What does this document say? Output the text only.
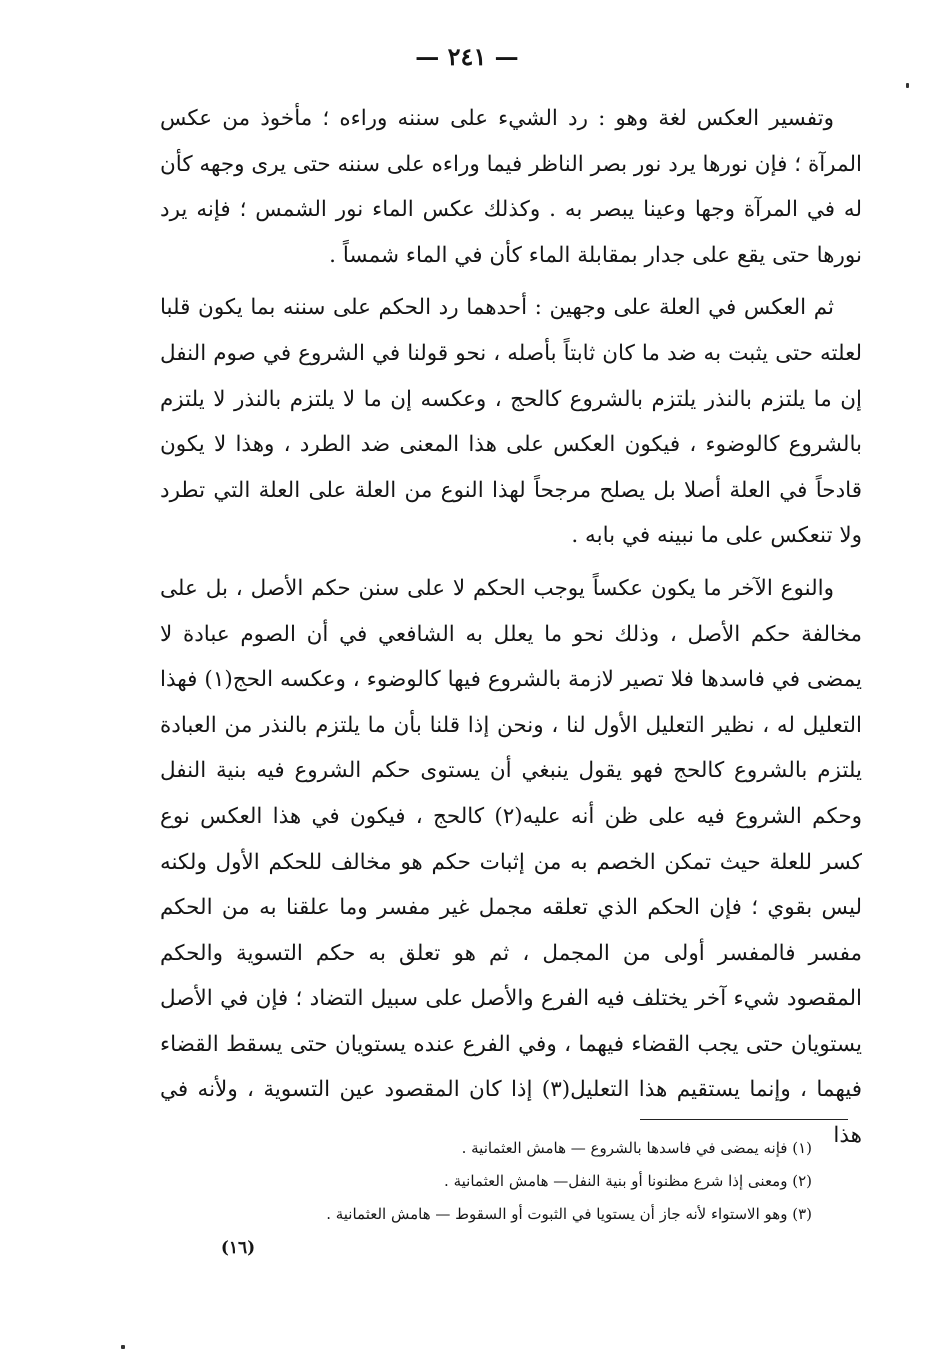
— ٢٤١ —

وتفسير العكس لغة وهو : رد الشيء على سننه وراءه ؛ مأخوذ من عكس المرآة ؛ فإن نورها يرد نور بصر الناظر فيما وراءه على سننه حتى يرى وجهه كأن له في المرآة وجها وعينا يبصر به . وكذلك عكس الماء نور الشمس ؛ فإنه يرد نورها حتى يقع على جدار بمقابلة الماء كأن في الماء شمساً .

ثم العكس في العلة على وجهين : أحدهما رد الحكم على سننه بما يكون قلبا لعلته حتى يثبت به ضد ما كان ثابتاً بأصله ، نحو قولنا في الشروع في صوم النفل إن ما يلتزم بالنذر يلتزم بالشروع كالحج ، وعكسه إن ما لا يلتزم بالنذر لا يلتزم بالشروع كالوضوء ، فيكون العكس على هذا المعنى ضد الطرد ، وهذا لا يكون قادحاً في العلة أصلا بل يصلح مرجحاً لهذا النوع من العلة على العلة التي تطرد ولا تنعكس على ما نبينه في بابه .

والنوع الآخر ما يكون عكساً يوجب الحكم لا على سنن حكم الأصل ، بل على مخالفة حكم الأصل ، وذلك نحو ما يعلل به الشافعي في أن الصوم عبادة لا يمضى في فاسدها فلا تصير لازمة بالشروع فيها كالوضوء ، وعكسه الحج(١) فهذا التعليل له ، نظير التعليل الأول لنا ، ونحن إذا قلنا بأن ما يلتزم بالنذر من العبادة يلتزم بالشروع كالحج فهو يقول ينبغي أن يستوى حكم الشروع فيه بنية النفل وحكم الشروع فيه على ظن أنه عليه(٢) كالحج ، فيكون في هذا العكس نوع كسر للعلة حيث تمكن الخصم به من إثبات حكم هو مخالف للحكم الأول ولكنه ليس بقوي ؛ فإن الحكم الذي تعلقه مجمل غير مفسر وما علقنا به من الحكم مفسر فالمفسر أولى من المجمل ، ثم هو تعلق به حكم التسوية والحكم المقصود شيء آخر يختلف فيه الفرع والأصل على سبيل التضاد ؛ فإن في الأصل يستويان حتى يجب القضاء فيهما ، وفي الفرع عنده يستويان حتى يسقط القضاء فيهما ، وإنما يستقيم هذا التعليل(٣) إذا كان المقصود عين التسوية ، ولأنه في هذا

(١) فإنه يمضى في فاسدها بالشروع — هامش العثمانية .

(٢) ومعنى إذا شرع مظنونا أو بنية النفل— هامش العثمانية .

(٣) وهو الاستواء لأنه جاز أن يستويا في الثبوت أو السقوط — هامش العثمانية .

(١٦)
